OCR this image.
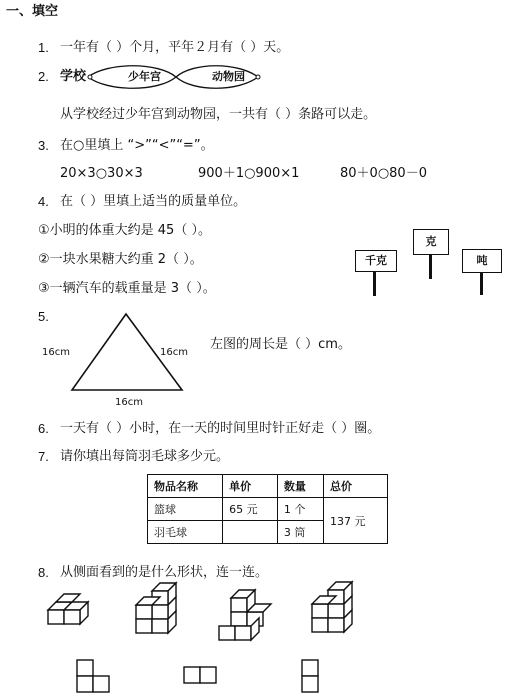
一、填空
1. 一年有（ ）个月，平年２月有（ ）天。
2. 学校	少年宫	动物园
从学校经过少年宫到动物园，一共有（ ）条路可以走。
3. 在○里填上 “>”“<”“=”。
20×3○30×3	900＋1○900×1	80＋0○80－0
4. 在（ ）里填上适当的质量单位。
①小明的体重大约是 45（ ）。
②一块水果糖大约重 2（ ）。
③一辆汽车的载重量是 3（ ）。
千克
克
吨
5.
16cm	16cm
16cm
左图的周长是（ ）cm。
6. 一天有（ ）小时，在一天的时间里时针正好走（ ）圈。
7. 请你填出每筒羽毛球多少元。
物品名称	单价	数量	总价
篮球	65 元	1 个	137 元
羽毛球		3 筒	
8. 从侧面看到的是什么形状，连一连。
